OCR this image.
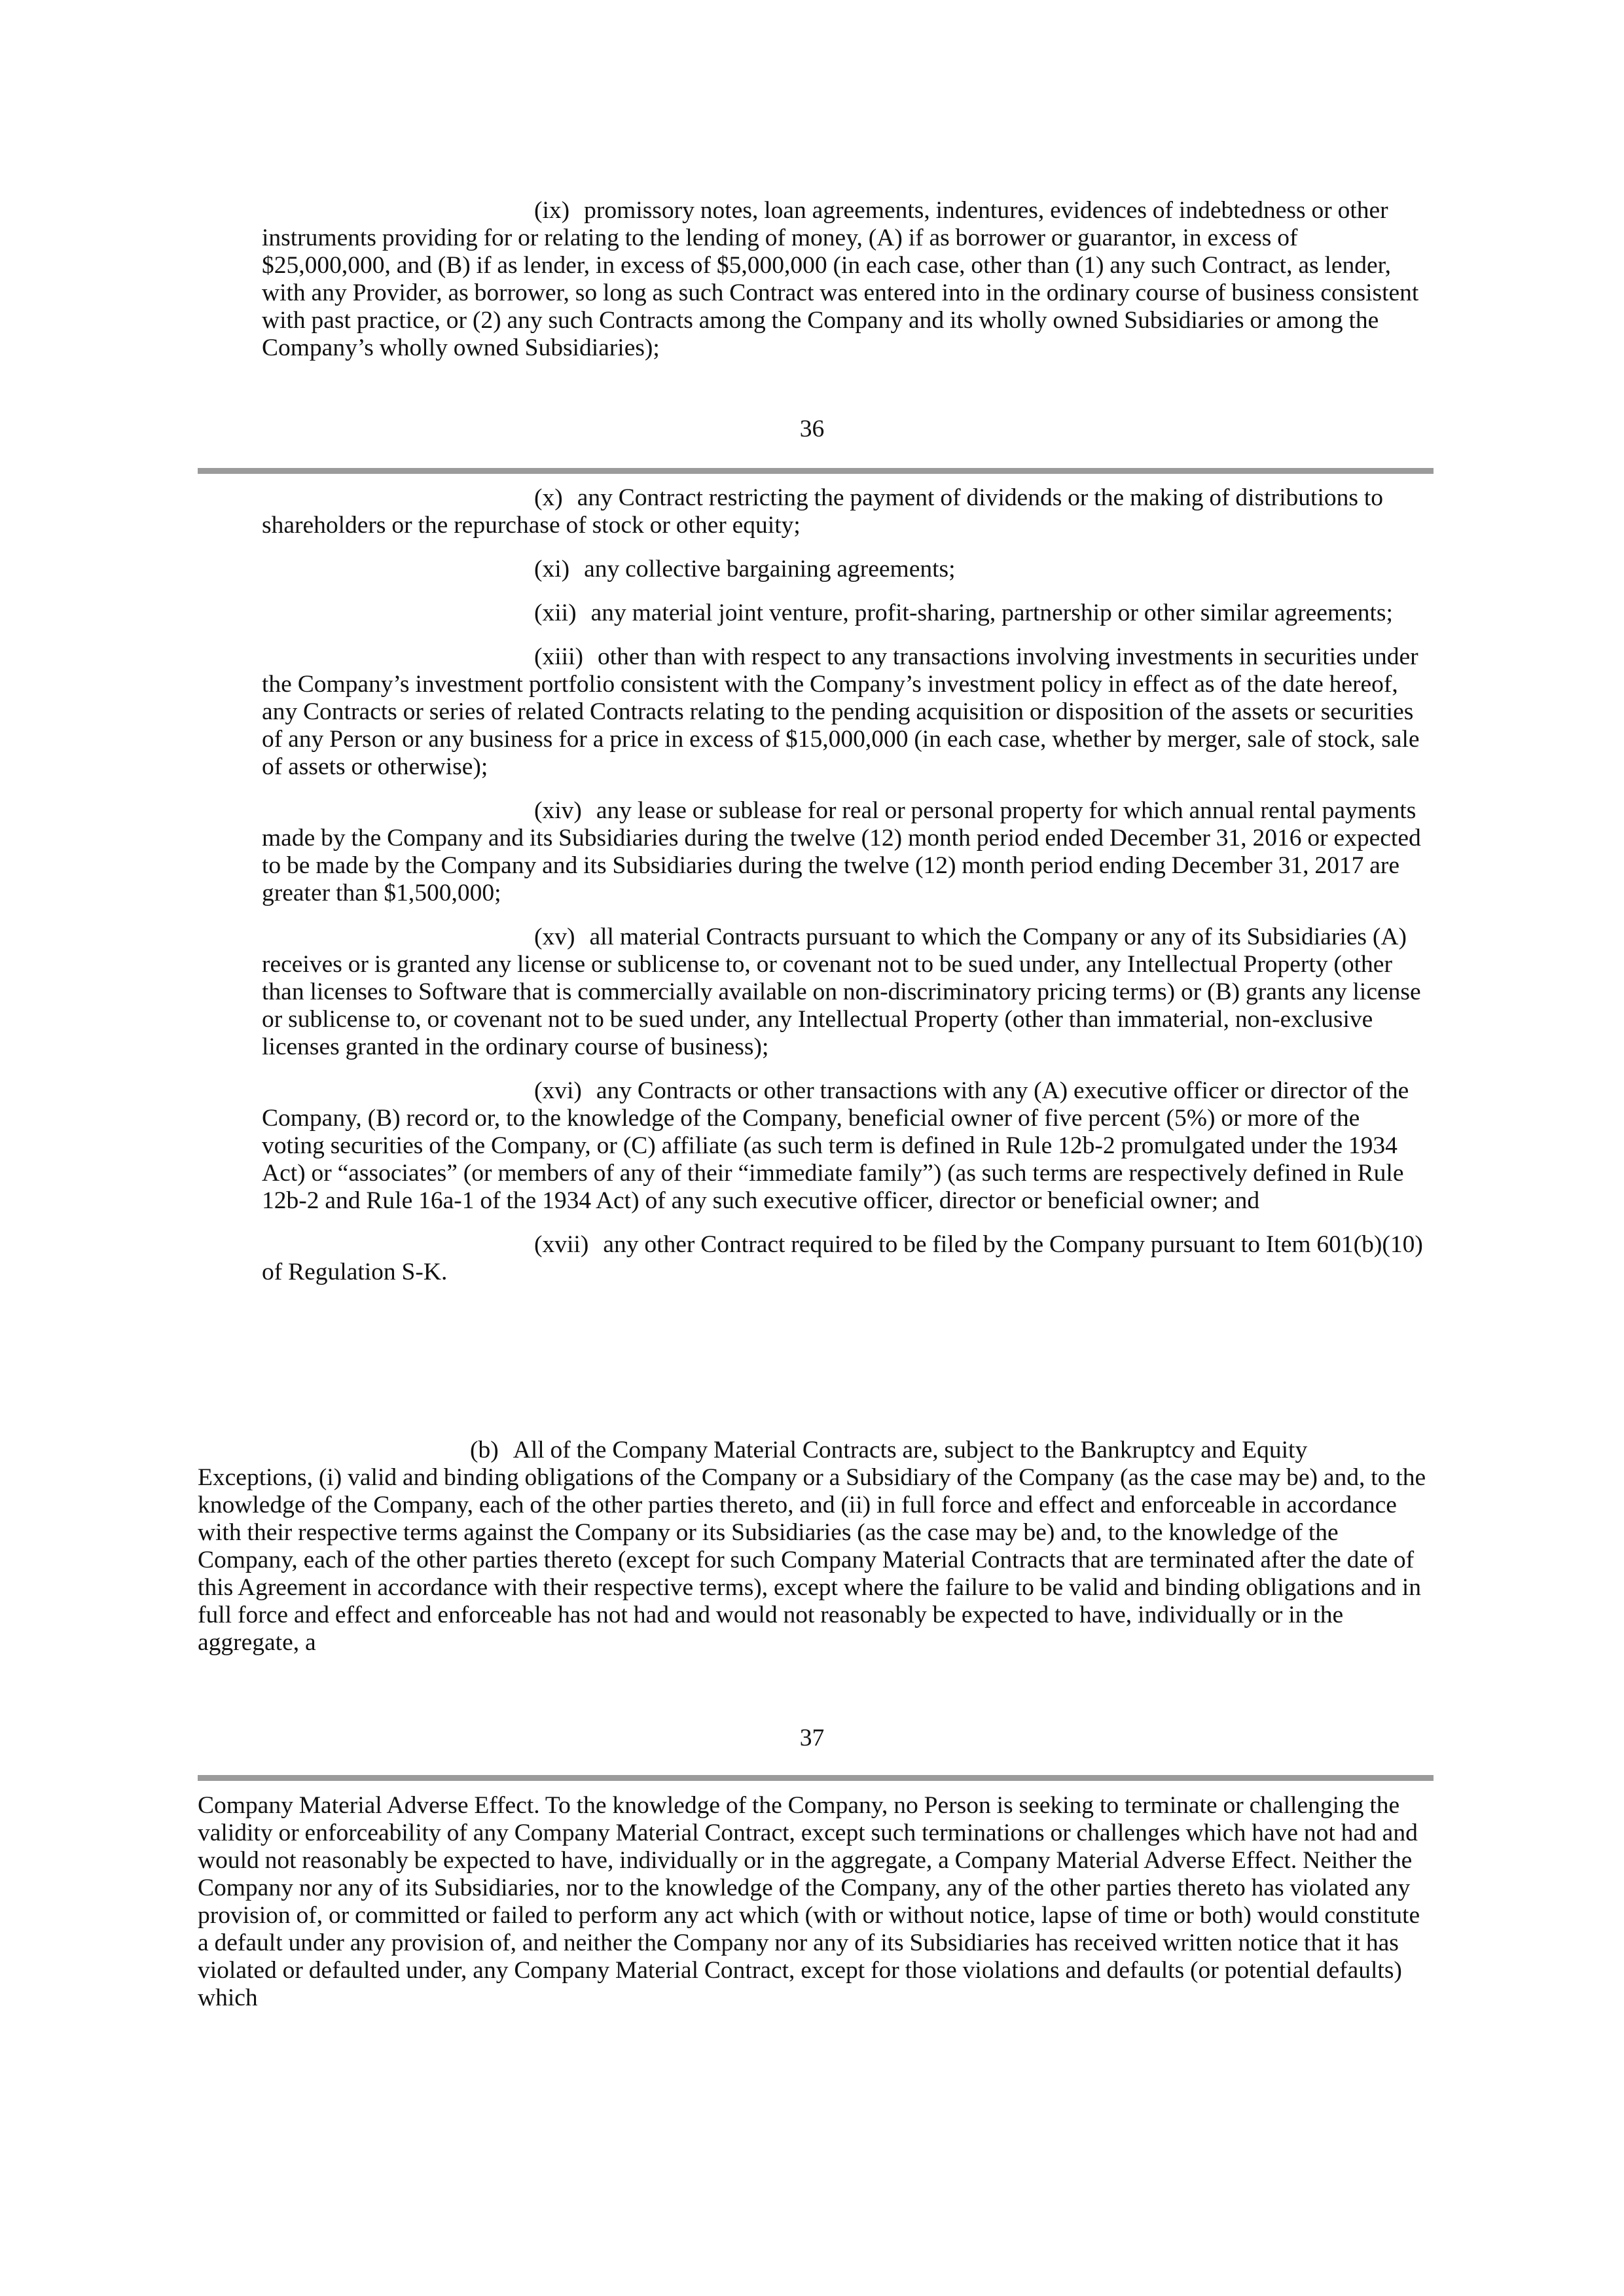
(ix) promissory notes, loan agreements, indentures, evidences of indebtedness or other instruments providing for or relating to the lending of money, (A) if as borrower or guarantor, in excess of $25,000,000, and (B) if as lender, in excess of $5,000,000 (in each case, other than (1) any such Contract, as lender, with any Provider, as borrower, so long as such Contract was entered into in the ordinary course of business consistent with past practice, or (2) any such Contracts among the Company and its wholly owned Subsidiaries or among the Company’s wholly owned Subsidiaries);

36

(x) any Contract restricting the payment of dividends or the making of distributions to shareholders or the repurchase of stock or other equity;

(xi) any collective bargaining agreements;

(xii) any material joint venture, profit-sharing, partnership or other similar agreements;

(xiii) other than with respect to any transactions involving investments in securities under the Company’s investment portfolio consistent with the Company’s investment policy in effect as of the date hereof, any Contracts or series of related Contracts relating to the pending acquisition or disposition of the assets or securities of any Person or any business for a price in excess of $15,000,000 (in each case, whether by merger, sale of stock, sale of assets or otherwise);

(xiv) any lease or sublease for real or personal property for which annual rental payments made by the Company and its Subsidiaries during the twelve (12) month period ended December 31, 2016 or expected to be made by the Company and its Subsidiaries during the twelve (12) month period ending December 31, 2017 are greater than $1,500,000;

(xv) all material Contracts pursuant to which the Company or any of its Subsidiaries (A) receives or is granted any license or sublicense to, or covenant not to be sued under, any Intellectual Property (other than licenses to Software that is commercially available on non-discriminatory pricing terms) or (B) grants any license or sublicense to, or covenant not to be sued under, any Intellectual Property (other than immaterial, non-exclusive licenses granted in the ordinary course of business);

(xvi) any Contracts or other transactions with any (A) executive officer or director of the Company, (B) record or, to the knowledge of the Company, beneficial owner of five percent (5%) or more of the voting securities of the Company, or (C) affiliate (as such term is defined in Rule 12b-2 promulgated under the 1934 Act) or “associates” (or members of any of their “immediate family”) (as such terms are respectively defined in Rule 12b-2 and Rule 16a-1 of the 1934 Act) of any such executive officer, director or beneficial owner; and

(xvii) any other Contract required to be filed by the Company pursuant to Item 601(b)(10) of Regulation S-K.

(b) All of the Company Material Contracts are, subject to the Bankruptcy and Equity Exceptions, (i) valid and binding obligations of the Company or a Subsidiary of the Company (as the case may be) and, to the knowledge of the Company, each of the other parties thereto, and (ii) in full force and effect and enforceable in accordance with their respective terms against the Company or its Subsidiaries (as the case may be) and, to the knowledge of the Company, each of the other parties thereto (except for such Company Material Contracts that are terminated after the date of this Agreement in accordance with their respective terms), except where the failure to be valid and binding obligations and in full force and effect and enforceable has not had and would not reasonably be expected to have, individually or in the aggregate, a

37

Company Material Adverse Effect. To the knowledge of the Company, no Person is seeking to terminate or challenging the validity or enforceability of any Company Material Contract, except such terminations or challenges which have not had and would not reasonably be expected to have, individually or in the aggregate, a Company Material Adverse Effect. Neither the Company nor any of its Subsidiaries, nor to the knowledge of the Company, any of the other parties thereto has violated any provision of, or committed or failed to perform any act which (with or without notice, lapse of time or both) would constitute a default under any provision of, and neither the Company nor any of its Subsidiaries has received written notice that it has violated or defaulted under, any Company Material Contract, except for those violations and defaults (or potential defaults) which
